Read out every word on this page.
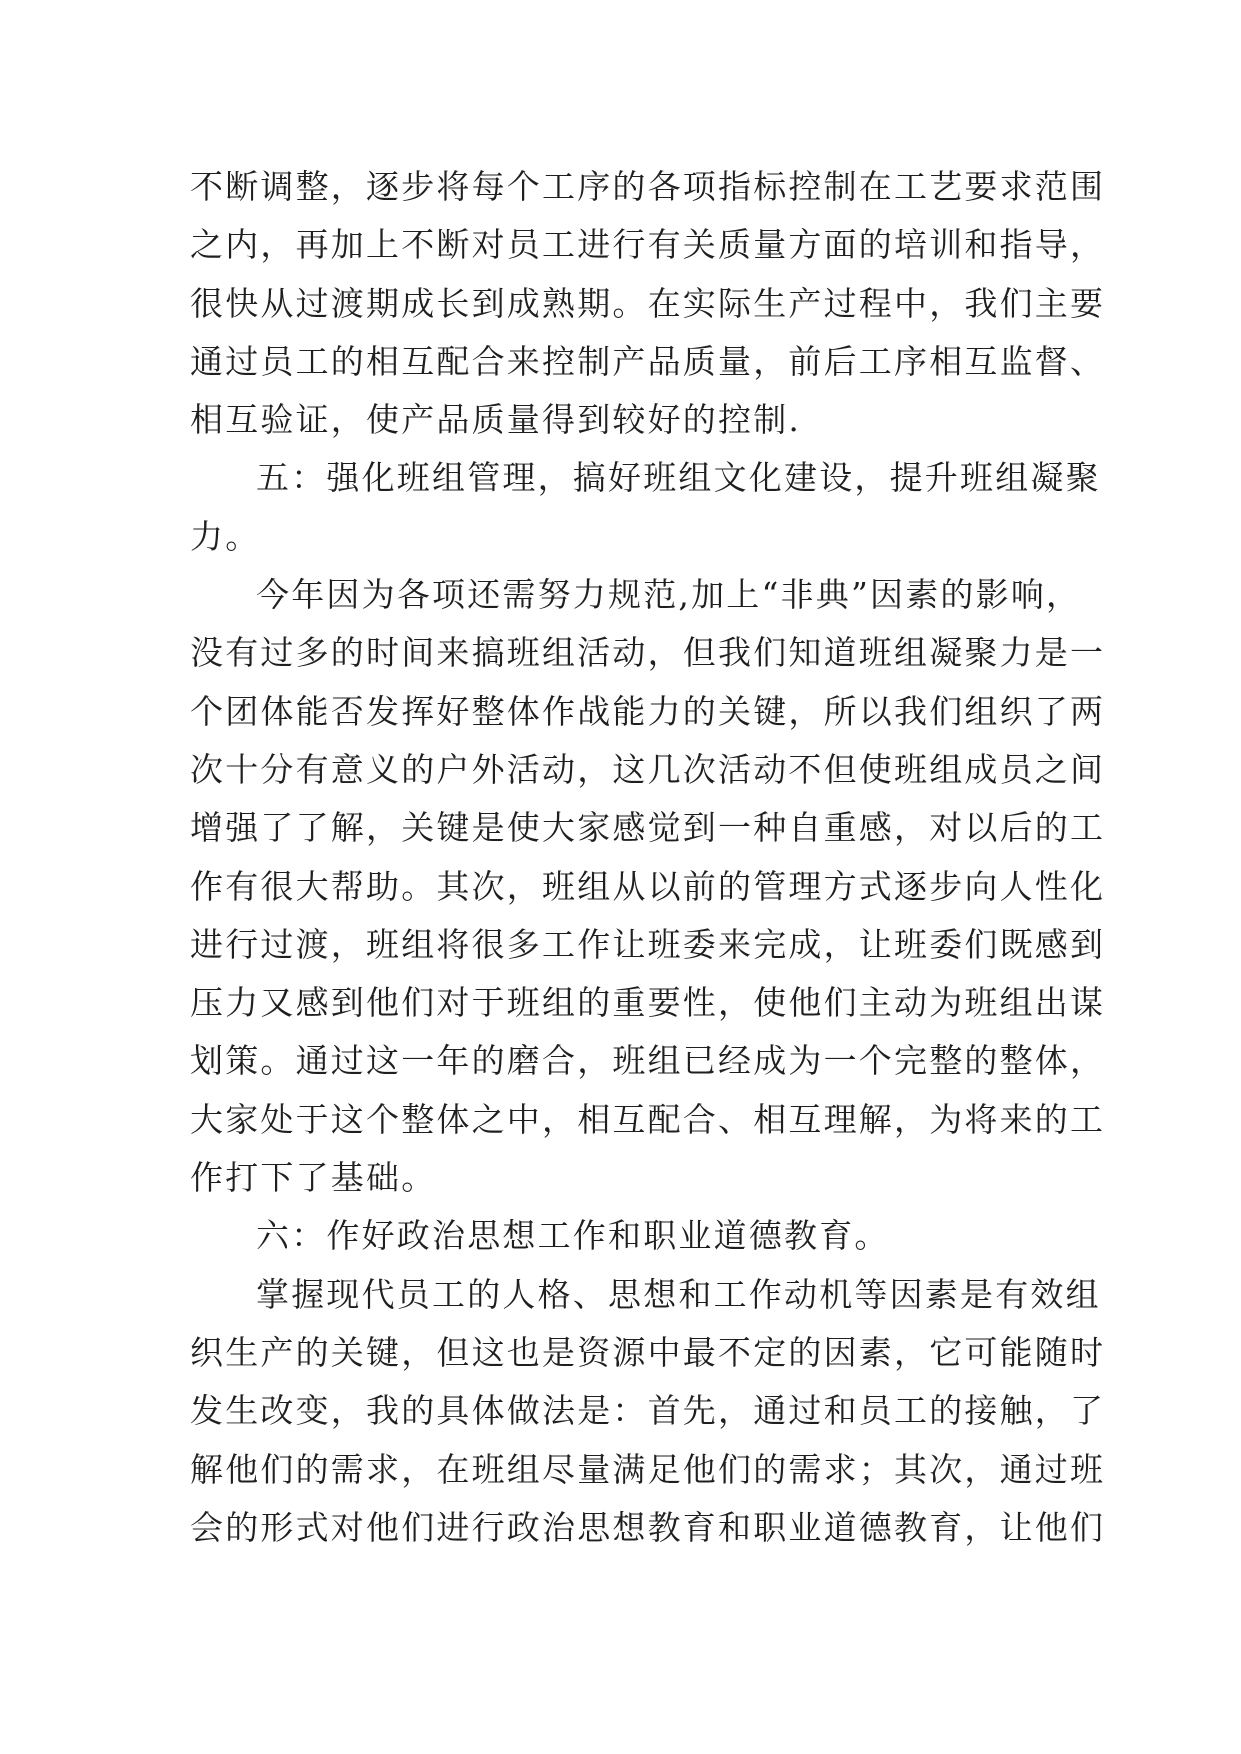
不断调整，逐步将每个工序的各项指标控制在工艺要求范围
之内，再加上不断对员工进行有关质量方面的培训和指导，
很快从过渡期成长到成熟期。在实际生产过程中，我们主要
通过员工的相互配合来控制产品质量，前后工序相互监督、
相互验证，使产品质量得到较好的控制.
五：强化班组管理，搞好班组文化建设，提升班组凝聚
力。
今年因为各项还需努力规范,加上“非典”因素的影响，
没有过多的时间来搞班组活动，但我们知道班组凝聚力是一
个团体能否发挥好整体作战能力的关键，所以我们组织了两
次十分有意义的户外活动，这几次活动不但使班组成员之间
增强了了解，关键是使大家感觉到一种自重感，对以后的工
作有很大帮助。其次，班组从以前的管理方式逐步向人性化
进行过渡，班组将很多工作让班委来完成，让班委们既感到
压力又感到他们对于班组的重要性，使他们主动为班组出谋
划策。通过这一年的磨合，班组已经成为一个完整的整体，
大家处于这个整体之中，相互配合、相互理解，为将来的工
作打下了基础。
六：作好政治思想工作和职业道德教育。
掌握现代员工的人格、思想和工作动机等因素是有效组
织生产的关键，但这也是资源中最不定的因素，它可能随时
发生改变，我的具体做法是：首先，通过和员工的接触，了
解他们的需求，在班组尽量满足他们的需求；其次，通过班
会的形式对他们进行政治思想教育和职业道德教育，让他们
